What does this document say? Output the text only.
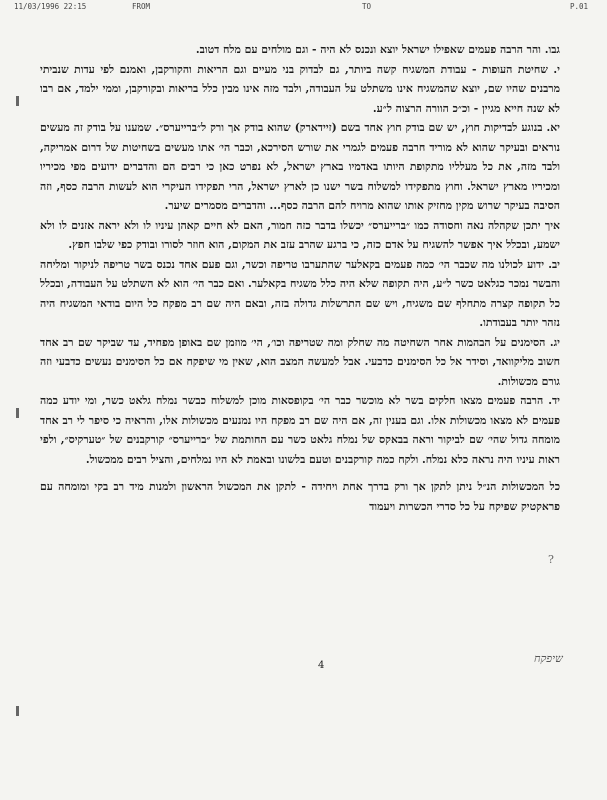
11/03/1996 22:15	FROM	TO	P.01

גבו. והר הרבה פעמים שאפילו ישראל יוצא ונכנס לא היה - וגם מולחים עם מלח דטוב.

י. שחיטת העופות - עבודת המשגיח קשה ביותר, גם לבדוק בני מעיים וגם הריאות והקורקבן, ואמנם לפי עדות שנביתי מרבנים שהיו שם, יוצא שהמשגיח אינו משתלט על העבודה, ולבד מזה אינו מבין כלל בריאות ובקורקבן, וממי ילמד, אם רבו לא שנה חייא מגיין - וכ״כ הוורה הרצוה ל״ע.

יא. בנוגע לבדיקות חוץ, יש שם בודק חוץ אחד בשם (זיידארק) שהוא בודק אך ורק ל״ברייערס״. שמענו על בודק זה מעשים נוראים ובעיקר שהוא לא מוריד חרבה פעמים לגמרי את שורש הסירכא, וכבר הי׳ אתו מעשים בשחיטות של דרום אמריקה, ולבד מזה, את כל מעלליו מתקופת היותו באדמיו בארץ ישראל, לא נפרט כאן כי רבים הם והדברים ידועים מפי מכיריו ומכיריו מארץ ישראל. וחוץ מתפקידו למשלוח בשר ישנו כן לארץ ישראל, הרי תפקידו העיקרי הוא לעשות הרבה כסף, וזה הסיבה בעיקר שרוש מקין מחזיק אותו שהוא מרויח להם הרבה כסף... והדברים מסמרים שיער.

איך יתכן שקהלה נאה וחסודה כמו ״ברייערס״ יכשלו בדבר כזה חמור, האם לא חיים קאהן עיניו לו ולא יראה אזנים לו ולא ישמע, ובכלל איך אפשר להשגיח על אדם כזה, כי ברגע שהרב עזב את המקום, הוא חוזר לסורו ובודק כפי שלבו חפץ.

יב. ידוע לכולנו מה שכבר הי׳ כמה פעמים בקאלער שהתערבו טריפה וכשר, וגם פעם אחד נכנס בשר טריפה לניקור ומליחה והבשר נמכר כגלאט כשר ל״ע, היה תקופה שלא היה כלל משגיח בקאלער. ואם כבר הי׳ הוא לא השתלט על העבודה, ובכלל כל תקופה קצרה מתחלף שם משגיח, ויש שם התרשלות גדולה בזה, ובאם היה שם רב מפקח כל היום בודאי המשגיח היה נזהר יותר בעבודתו.

יג. הסימנים על הבהמות אחר השחיטה מה שחלק ומה שטריפה וכו׳, הי׳ מוזמן שם באופן מפחיד, עד שביקר שם רב אחד חשוב מליקוואד, וסידר אל כל הסימנים כדבעי. אבל למעשה המצב הוא, שאין מי שיפקח אם כל הסימנים נעשים כדבעי וזה גורם מכשולות.

יד. הרבה פעמים מצאו חלקים בשר לא מוכשר כבר הי׳ בקופסאות מוכן למשלוח כבשר נמלח גלאט כשר, ומי יודע כמה פעמים לא מצאו מכשולות אלו. וגם בענין זה, אם היה שם רב מפקח היו נמנעים מכשולות אלו, והראיה כי סיפר לי רב אחד מומחה גדול שהי׳ שם לביקור וראה בבאקס של נמלח גלאט כשר עם החותמת של ״ברייערס״ קורקבנים של ״טערקיס״, ולפי ראות עיניו היה נראה כלא נמלח. ולקח כמה קורקבנים וטעם בלשונו ובאמת לא היו נמלחים, והציל רבים ממכשול.

כל המכשולות הנ״ל ניתן לתקן אך ורק בדרך אחת ויחידה - לתקן את המכשול הראשון ולמנות מיד רב בקי ומומחה עם פראקטיק שפיקח על כל סדרי הכשרות ויעמוד

?
שיפקח
4
